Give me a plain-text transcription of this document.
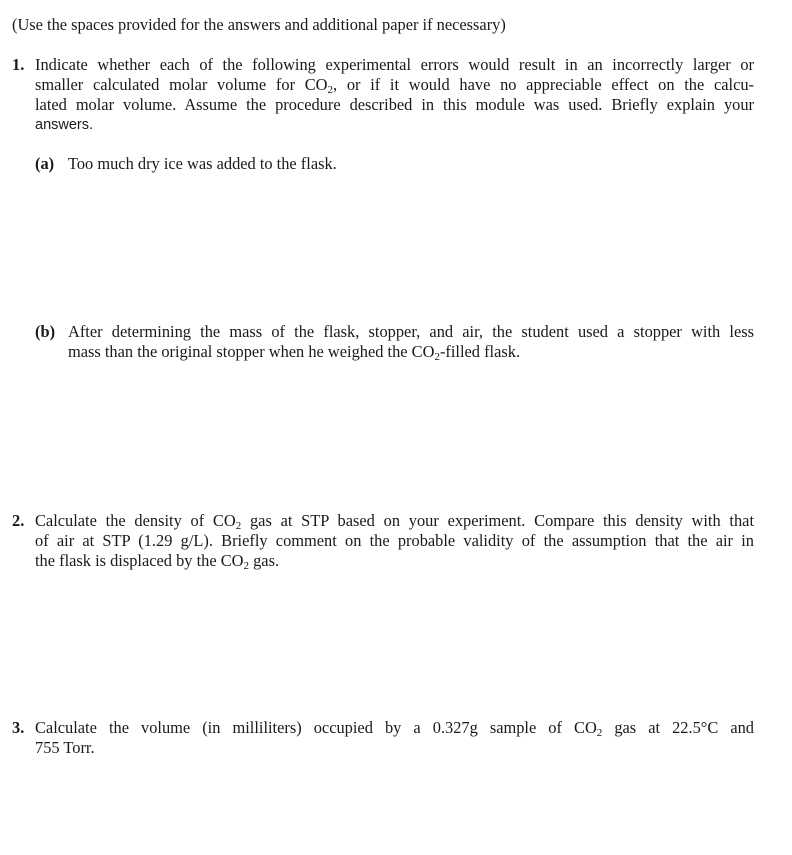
(Use the spaces provided for the answers and additional paper if necessary)
1. Indicate whether each of the following experimental errors would result in an incorrectly larger or
smaller calculated molar volume for $CO_2$, or if it would have no appreciable effect on the calcu-
lated molar volume. Assume the procedure described in this module was used. Briefly explain your
answers.
(a) Too much dry ice was added to the flask.
(b) After determining the mass of the flask, stopper, and air, the student used a stopper with less
mass than the original stopper when he weighed the $CO_2$-filled flask.
2. Calculate the density of $CO_2$ gas at STP based on your experiment. Compare this density with that
of air at STP (1.29 g/L). Briefly comment on the probable validity of the assumption that the air in
the flask is displaced by the $CO_2$ gas.
3. Calculate the volume (in milliliters) occupied by a 0.327g sample of $CO_2$ gas at 22.5°C and
755 Torr.
